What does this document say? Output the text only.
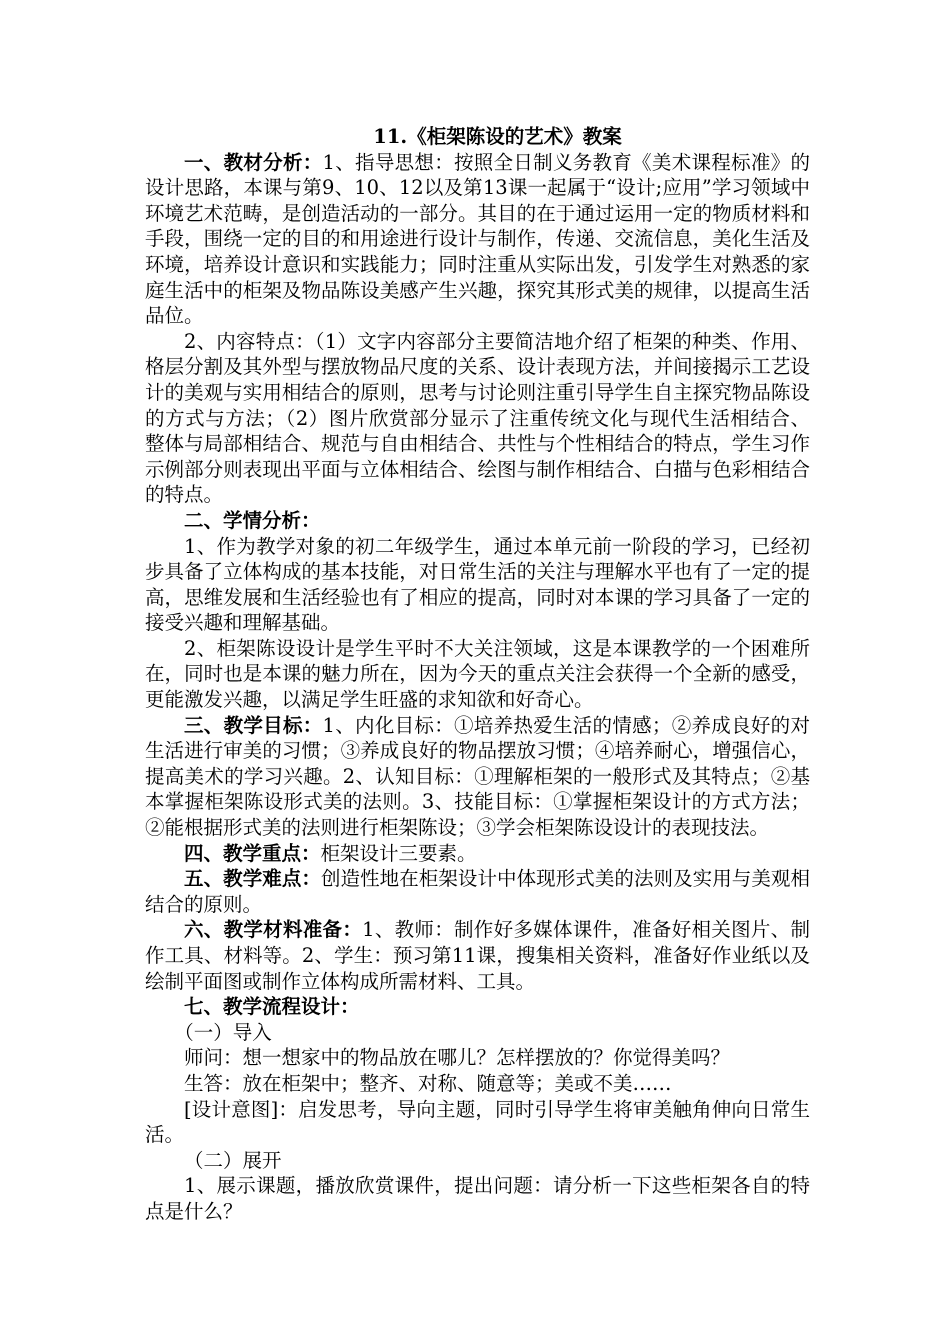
11.《柜架陈设的艺术》教案

一、教材分析：1、指导思想：按照全日制义务教育《美术课程标准》的设计思路，本课与第9、10、12以及第13课一起属于“设计;应用”学习领域中环境艺术范畴，是创造活动的一部分。其目的在于通过运用一定的物质材料和手段，围绕一定的目的和用途进行设计与制作，传递、交流信息，美化生活及环境，培养设计意识和实践能力；同时注重从实际出发，引发学生对熟悉的家庭生活中的柜架及物品陈设美感产生兴趣，探究其形式美的规律，以提高生活品位。

2、内容特点：（1）文字内容部分主要简洁地介绍了柜架的种类、作用、格层分割及其外型与摆放物品尺度的关系、设计表现方法，并间接揭示工艺设计的美观与实用相结合的原则，思考与讨论则注重引导学生自主探究物品陈设的方式与方法；（2）图片欣赏部分显示了注重传统文化与现代生活相结合、整体与局部相结合、规范与自由相结合、共性与个性相结合的特点，学生习作示例部分则表现出平面与立体相结合、绘图与制作相结合、白描与色彩相结合的特点。

二、学情分析：

1、作为教学对象的初二年级学生，通过本单元前一阶段的学习，已经初步具备了立体构成的基本技能，对日常生活的关注与理解水平也有了一定的提高，思维发展和生活经验也有了相应的提高，同时对本课的学习具备了一定的接受兴趣和理解基础。

2、柜架陈设设计是学生平时不大关注领域，这是本课教学的一个困难所在，同时也是本课的魅力所在，因为今天的重点关注会获得一个全新的感受，更能激发兴趣，以满足学生旺盛的求知欲和好奇心。

三、教学目标：1、内化目标：①培养热爱生活的情感；②养成良好的对生活进行审美的习惯；③养成良好的物品摆放习惯；④培养耐心，增强信心，提高美术的学习兴趣。2、认知目标：①理解柜架的一般形式及其特点；②基本掌握柜架陈设形式美的法则。3、技能目标：①掌握柜架设计的方式方法；②能根据形式美的法则进行柜架陈设；③学会柜架陈设设计的表现技法。

四、教学重点：柜架设计三要素。

五、教学难点：创造性地在柜架设计中体现形式美的法则及实用与美观相结合的原则。

六、教学材料准备：1、教师：制作好多媒体课件，准备好相关图片、制作工具、材料等。2、学生：预习第11课，搜集相关资料，准备好作业纸以及绘制平面图或制作立体构成所需材料、工具。

七、教学流程设计：

（一）导入

师问：想一想家中的物品放在哪儿？怎样摆放的？你觉得美吗？

生答：放在柜架中；整齐、对称、随意等；美或不美……

[设计意图]：启发思考，导向主题，同时引导学生将审美触角伸向日常生活。

（二）展开

1、展示课题，播放欣赏课件，提出问题：请分析一下这些柜架各自的特点是什么？
